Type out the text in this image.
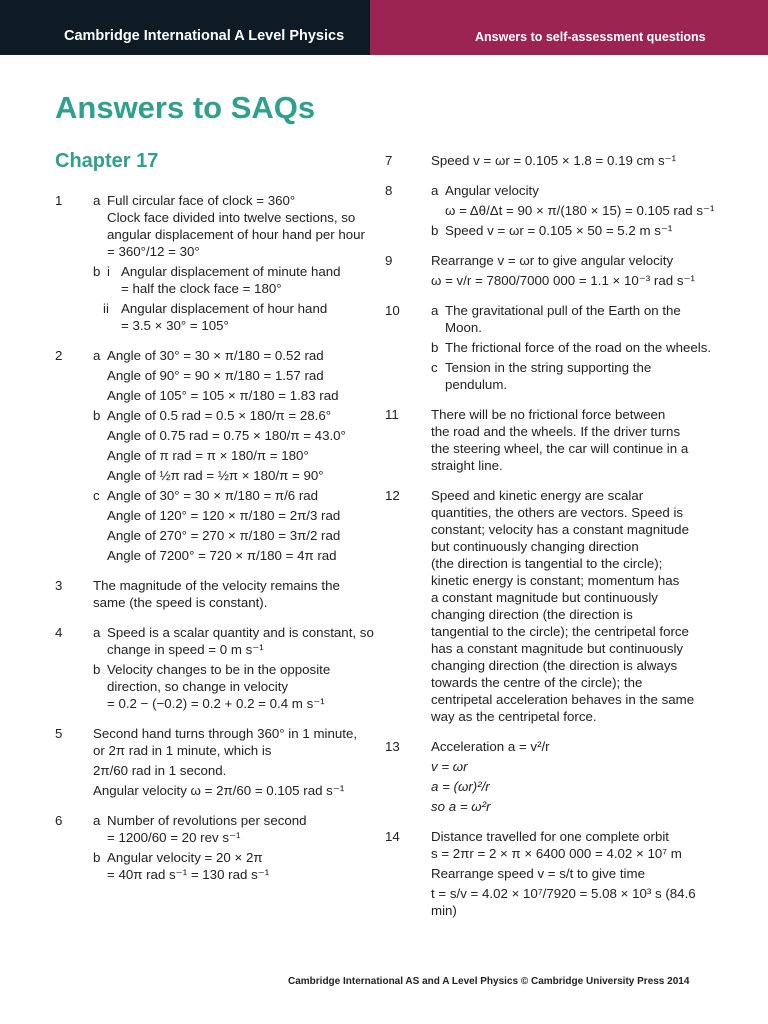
Cambridge International A Level Physics	Answers to self-assessment questions
Answers to SAQs
Chapter 17
1 a Full circular face of clock = 360°
Clock face divided into twelve sections, so
angular displacement of hour hand per hour
= 360°/12 = 30°
b i Angular displacement of minute hand
= half the clock face = 180°
ii Angular displacement of hour hand
= 3.5 × 30° = 105°
2 a Angle of 30° = 30 × π/180 = 0.52 rad
Angle of 90° = 90 × π/180 = 1.57 rad
Angle of 105° = 105 × π/180 = 1.83 rad
b Angle of 0.5 rad = 0.5 × 180/π = 28.6°
Angle of 0.75 rad = 0.75 × 180/π = 43.0°
Angle of π rad = π × 180/π = 180°
Angle of ½π rad = ½π × 180/π = 90°
c Angle of 30° = 30 × π/180 = π/6 rad
Angle of 120° = 120 × π/180 = 2π/3 rad
Angle of 270° = 270 × π/180 = 3π/2 rad
Angle of 7200° = 720 × π/180 = 4π rad
3 The magnitude of the velocity remains the
same (the speed is constant).
4 a Speed is a scalar quantity and is constant, so
change in speed = 0 m s⁻¹
b Velocity changes to be in the opposite
direction, so change in velocity
= 0.2 − (−0.2) = 0.2 + 0.2 = 0.4 m s⁻¹
5 Second hand turns through 360° in 1 minute,
or 2π rad in 1 minute, which is
2π/60 rad in 1 second.
Angular velocity ω = 2π/60 = 0.105 rad s⁻¹
6 a Number of revolutions per second
= 1200/60 = 20 rev s⁻¹
b Angular velocity = 20 × 2π
= 40π rad s⁻¹ = 130 rad s⁻¹
7	Speed v = ωr = 0.105 × 1.8 = 0.19 cm s⁻¹
8	a Angular velocity
ω = Δθ/Δt = 90 × π/(180 × 15) = 0.105 rad s⁻¹
b Speed v = ωr = 0.105 × 50 = 5.2 m s⁻¹
9	Rearrange v = ωr to give angular velocity
ω = v/r = 7800/7000 000 = 1.1 × 10⁻³ rad s⁻¹
10 a The gravitational pull of the Earth on the
Moon.
b The frictional force of the road on the wheels.
c Tension in the string supporting the
pendulum.
11 There will be no frictional force between
the road and the wheels. If the driver turns
the steering wheel, the car will continue in a
straight line.
12 Speed and kinetic energy are scalar
quantities, the others are vectors. Speed is
constant; velocity has a constant magnitude
but continuously changing direction
(the direction is tangential to the circle);
kinetic energy is constant; momentum has
a constant magnitude but continuously
changing direction (the direction is
tangential to the circle); the centripetal force
has a constant magnitude but continuously
changing direction (the direction is always
towards the centre of the circle); the
centripetal acceleration behaves in the same
way as the centripetal force.
13 Acceleration a = v²/r
v = ωr
a = (ωr)²/r
so a = ω²r
14 Distance travelled for one complete orbit
s = 2πr = 2 × π × 6400 000 = 4.02 × 10⁷ m
Rearrange speed v = s/t to give time
t = s/v = 4.02 × 10⁷/7920 = 5.08 × 10³ s (84.6 min)
Cambridge International AS and A Level Physics © Cambridge University Press 2014
